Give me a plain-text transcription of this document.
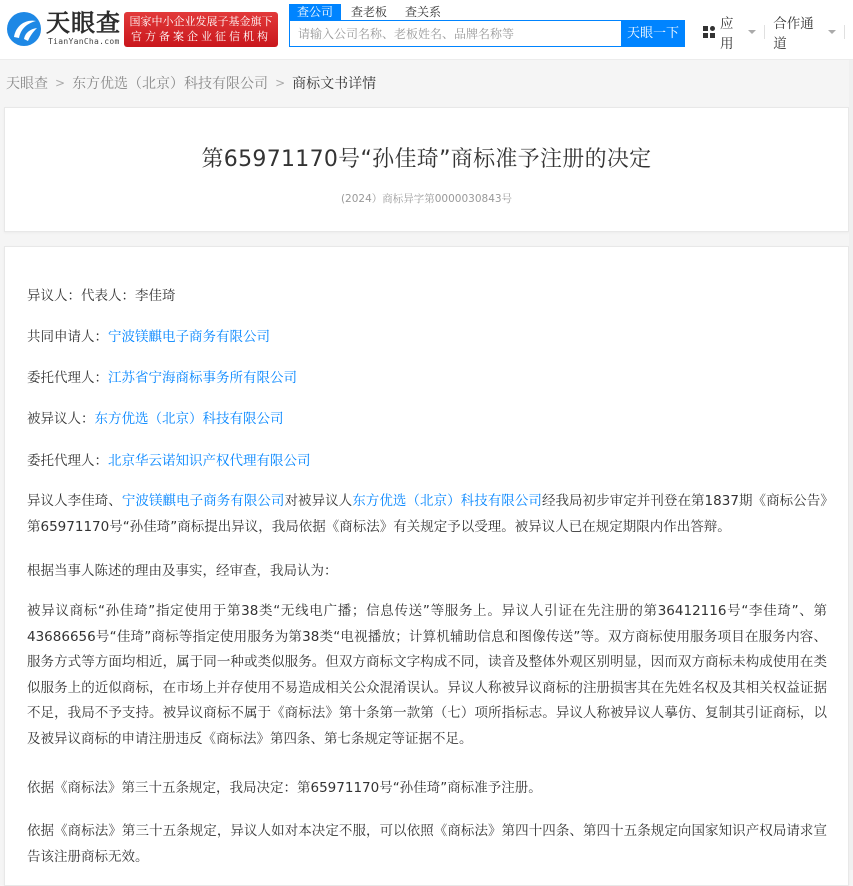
天眼查
TianYanCha.com
国家中小企业发展子基金旗下
官方备案企业征信机构
查公司	查老板	查关系
请输入公司名称、老板姓名、品牌名称等
天眼一下
应用
合作通道
天眼查 > 东方优选（北京）科技有限公司 > 商标文书详情
第65971170号“孙佳琦”商标准予注册的决定
(2024）商标异字第0000030843号
异议人：代表人：李佳琦
共同申请人：宁波镁麒电子商务有限公司
委托代理人：江苏省宁海商标事务所有限公司
被异议人：东方优选（北京）科技有限公司
委托代理人：北京华云诺知识产权代理有限公司
异议人李佳琦、宁波镁麒电子商务有限公司对被异议人东方优选（北京）科技有限公司经我局初步审定并刊登在第1837期《商标公告》第65971170号“孙佳琦”商标提出异议，我局依据《商标法》有关规定予以受理。被异议人已在规定期限内作出答辩。
根据当事人陈述的理由及事实，经审查，我局认为：
被异议商标“孙佳琦”指定使用于第38类“无线电广播；信息传送”等服务上。异议人引证在先注册的第36412116号“李佳琦”、第43686656号“佳琦”商标等指定使用服务为第38类“电视播放；计算机辅助信息和图像传送”等。双方商标使用服务项目在服务内容、服务方式等方面均相近，属于同一种或类似服务。但双方商标文字构成不同，读音及整体外观区别明显，因而双方商标未构成使用在类似服务上的近似商标，在市场上并存使用不易造成相关公众混淆误认。异议人称被异议商标的注册损害其在先姓名权及其相关权益证据不足，我局不予支持。被异议商标不属于《商标法》第十条第一款第（七）项所指标志。异议人称被异议人摹仿、复制其引证商标，以及被异议商标的申请注册违反《商标法》第四条、第七条规定等证据不足。
依据《商标法》第三十五条规定，我局决定：第65971170号“孙佳琦”商标准予注册。
依据《商标法》第三十五条规定，异议人如对本决定不服，可以依照《商标法》第四十四条、第四十五条规定向国家知识产权局请求宣告该注册商标无效。
